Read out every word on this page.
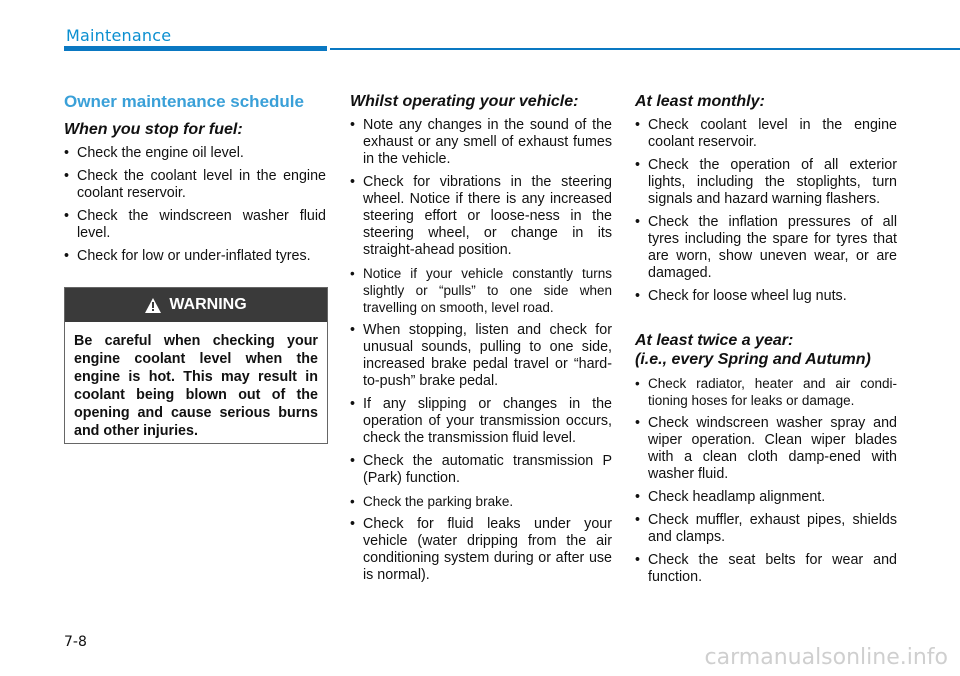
Maintenance
Owner maintenance schedule
When you stop for fuel:
• Check the engine oil level.
• Check the coolant level in the engine coolant reservoir.
• Check the windscreen washer fluid level.
• Check for low or under-inflated tyres.
WARNING
Be careful when checking your engine coolant level when the engine is hot. This may result in coolant being blown out of the opening and cause serious burns and other injuries.
Whilst operating your vehicle:
• Note any changes in the sound of the exhaust or any smell of exhaust fumes in the vehicle.
• Check for vibrations in the steering wheel. Notice if there is any increased steering effort or loose-ness in the steering wheel, or change in its straight-ahead position.
• Notice if your vehicle constantly turns slightly or “pulls” to one side when travelling on smooth, level road.
• When stopping, listen and check for unusual sounds, pulling to one side, increased brake pedal travel or “hard-to-push” brake pedal.
• If any slipping or changes in the operation of your transmission occurs, check the transmission fluid level.
• Check the automatic transmission P (Park) function.
• Check the parking brake.
• Check for fluid leaks under your vehicle (water dripping from the air conditioning system during or after use is normal).
At least monthly:
• Check coolant level in the engine coolant reservoir.
• Check the operation of all exterior lights, including the stoplights, turn signals and hazard warning flashers.
• Check the inflation pressures of all tyres including the spare for tyres that are worn, show uneven wear, or are damaged.
• Check for loose wheel lug nuts.
At least twice a year:
(i.e., every Spring and Autumn)
• Check radiator, heater and air condi-tioning hoses for leaks or damage.
• Check windscreen washer spray and wiper operation. Clean wiper blades with a clean cloth damp-ened with washer fluid.
• Check headlamp alignment.
• Check muffler, exhaust pipes, shields and clamps.
• Check the seat belts for wear and function.
7-8
carmanualsonline.info
